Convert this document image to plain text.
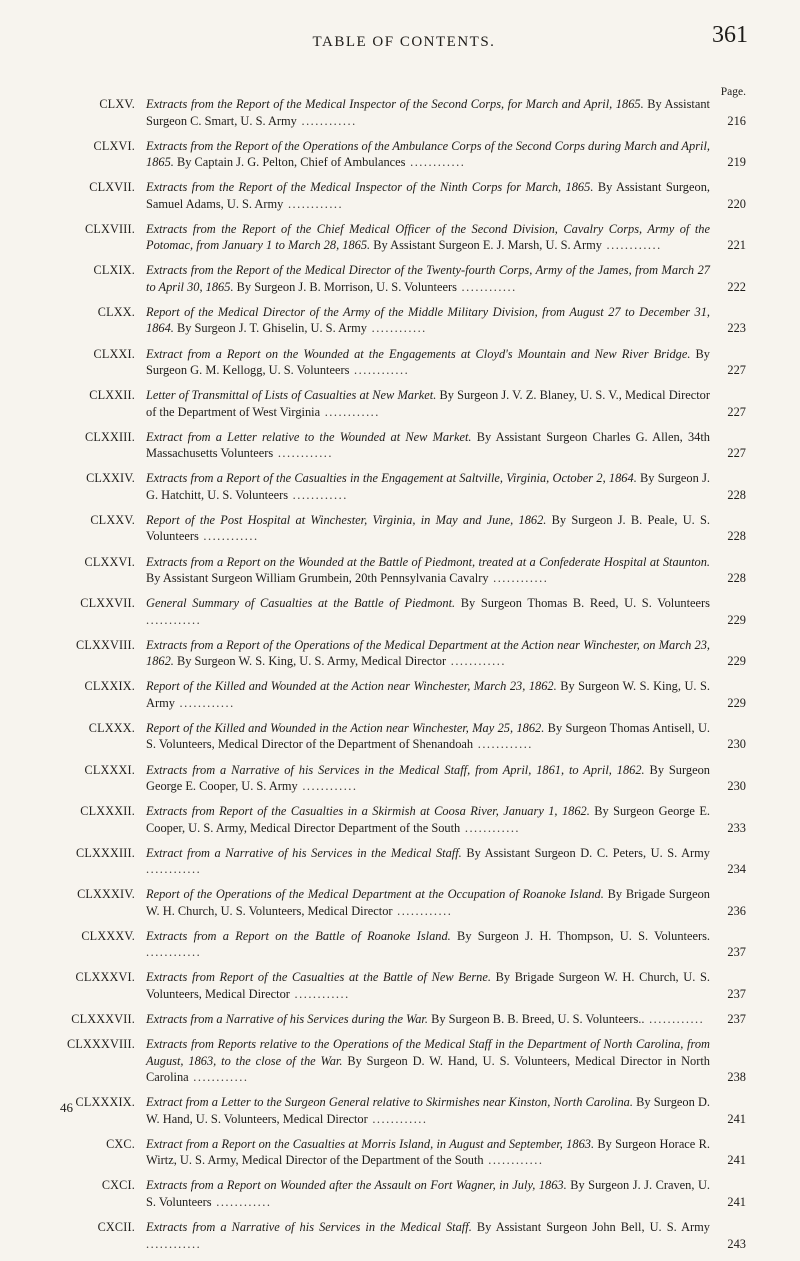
TABLE OF CONTENTS.	361
Page.
CLXV. Extracts from the Report of the Medical Inspector of the Second Corps, for March and April, 1865. By Assistant Surgeon C. Smart, U. S. Army ............	216
CLXVI. Extracts from the Report of the Operations of the Ambulance Corps of the Second Corps during March and April, 1865. By Captain J. G. Pelton, Chief of Ambulances ............	219
CLXVII. Extracts from the Report of the Medical Inspector of the Ninth Corps for March, 1865. By Assistant Surgeon, Samuel Adams, U. S. Army ............	220
CLXVIII. Extracts from the Report of the Chief Medical Officer of the Second Division, Cavalry Corps, Army of the Potomac, from January 1 to March 28, 1865. By Assistant Surgeon E. J. Marsh, U. S. Army ............	221
CLXIX. Extracts from the Report of the Medical Director of the Twenty-fourth Corps, Army of the James, from March 27 to April 30, 1865. By Surgeon J. B. Morrison, U. S. Volunteers ............	222
CLXX. Report of the Medical Director of the Army of the Middle Military Division, from August 27 to December 31, 1864. By Surgeon J. T. Ghiselin, U. S. Army ............	223
CLXXI. Extract from a Report on the Wounded at the Engagements at Cloyd's Mountain and New River Bridge. By Surgeon G. M. Kellogg, U. S. Volunteers ............	227
CLXXII. Letter of Transmittal of Lists of Casualties at New Market. By Surgeon J. V. Z. Blaney, U. S. V., Medical Director of the Department of West Virginia ............	227
CLXXIII. Extract from a Letter relative to the Wounded at New Market. By Assistant Surgeon Charles G. Allen, 34th Massachusetts Volunteers ............	227
CLXXIV. Extracts from a Report of the Casualties in the Engagement at Saltville, Virginia, October 2, 1864. By Surgeon J. G. Hatchitt, U. S. Volunteers ............	228
CLXXV. Report of the Post Hospital at Winchester, Virginia, in May and June, 1862. By Surgeon J. B. Peale, U. S. Volunteers ............	228
CLXXVI. Extracts from a Report on the Wounded at the Battle of Piedmont, treated at a Confederate Hospital at Staunton. By Assistant Surgeon William Grumbein, 20th Pennsylvania Cavalry ............	228
CLXXVII. General Summary of Casualties at the Battle of Piedmont. By Surgeon Thomas B. Reed, U. S. Volunteers ............	229
CLXXVIII. Extracts from a Report of the Operations of the Medical Department at the Action near Winchester, on March 23, 1862. By Surgeon W. S. King, U. S. Army, Medical Director ............	229
CLXXIX. Report of the Killed and Wounded at the Action near Winchester, March 23, 1862. By Surgeon W. S. King, U. S. Army ............	229
CLXXX. Report of the Killed and Wounded in the Action near Winchester, May 25, 1862. By Surgeon Thomas Antisell, U. S. Volunteers, Medical Director of the Department of Shenandoah ............	230
CLXXXI. Extracts from a Narrative of his Services in the Medical Staff, from April, 1861, to April, 1862. By Surgeon George E. Cooper, U. S. Army ............	230
CLXXXII. Extracts from Report of the Casualties in a Skirmish at Coosa River, January 1, 1862. By Surgeon George E. Cooper, U. S. Army, Medical Director Department of the South ............	233
CLXXXIII. Extract from a Narrative of his Services in the Medical Staff. By Assistant Surgeon D. C. Peters, U. S. Army ............	234
CLXXXIV. Report of the Operations of the Medical Department at the Occupation of Roanoke Island. By Brigade Surgeon W. H. Church, U. S. Volunteers, Medical Director ............	236
CLXXXV. Extracts from a Report on the Battle of Roanoke Island. By Surgeon J. H. Thompson, U. S. Volunteers. ............	237
CLXXXVI. Extracts from Report of the Casualties at the Battle of New Berne. By Brigade Surgeon W. H. Church, U. S. Volunteers, Medical Director ............	237
CLXXXVII. Extracts from a Narrative of his Services during the War. By Surgeon B. B. Breed, U. S. Volunteers.. ............	237
CLXXXVIII. Extracts from Reports relative to the Operations of the Medical Staff in the Department of North Carolina, from August, 1863, to the close of the War. By Surgeon D. W. Hand, U. S. Volunteers, Medical Director in North Carolina ............	238
CLXXXIX. Extract from a Letter to the Surgeon General relative to Skirmishes near Kinston, North Carolina. By Surgeon D. W. Hand, U. S. Volunteers, Medical Director ............	241
CXC. Extract from a Report on the Casualties at Morris Island, in August and September, 1863. By Surgeon Horace R. Wirtz, U. S. Army, Medical Director of the Department of the South ............	241
CXCI. Extracts from a Report on Wounded after the Assault on Fort Wagner, in July, 1863. By Surgeon J. J. Craven, U. S. Volunteers ............	241
CXCII. Extracts from a Narrative of his Services in the Medical Staff. By Assistant Surgeon John Bell, U. S. Army ............	243
46
